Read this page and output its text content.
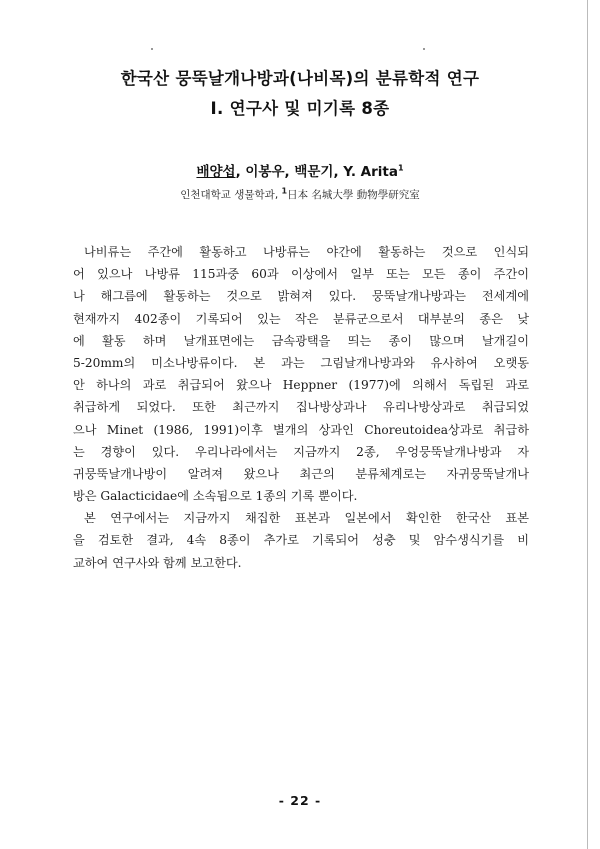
한국산 뭉뚝날개나방과(나비목)의 분류학적 연구
I. 연구사 및 미기록 8종
배양섭, 이봉우, 백문기, Y. Arita$^1$
인천대학교 생물학과, $^1$日本 名城大學 動物學研究室
나비류는 주간에 활동하고 나방류는 야간에 활동하는 것으로 인식되
어 있으나 나방류 115과중 60과 이상에서 일부 또는 모든 종이 주간이
나 해그름에 활동하는 것으로 밝혀져 있다. 뭉뚝날개나방과는 전세계에
현재까지 402종이 기록되어 있는 작은 분류군으로서 대부분의 종은 낮
에 활동 하며 날개표면에는 금속광택을 띄는 종이 많으며 날개길이
5-20mm의 미소나방류이다. 본 과는 그림날개나방과와 유사하여 오랫동
안 하나의 과로 취급되어 왔으나 Heppner (1977)에 의해서 독립된 과로
취급하게 되었다. 또한 최근까지 집나방상과나 유리나방상과로 취급되었
으나 Minet (1986, 1991)이후 별개의 상과인 Choreutoidea상과로 취급하
는 경향이 있다. 우리나라에서는 지금까지 2종, 우엉뭉뚝날개나방과 자
귀뭉뚝날개나방이 알려져 왔으나 최근의 분류체계로는 자귀뭉뚝날개나
방은 Galacticidae에 소속됨으로 1종의 기록 뿐이다.
본 연구에서는 지금까지 채집한 표본과 일본에서 확인한 한국산 표본
을 검토한 결과, 4속 8종이 추가로 기록되어 성충 및 암수생식기를 비
교하여 연구사와 함께 보고한다.
- 22 -
